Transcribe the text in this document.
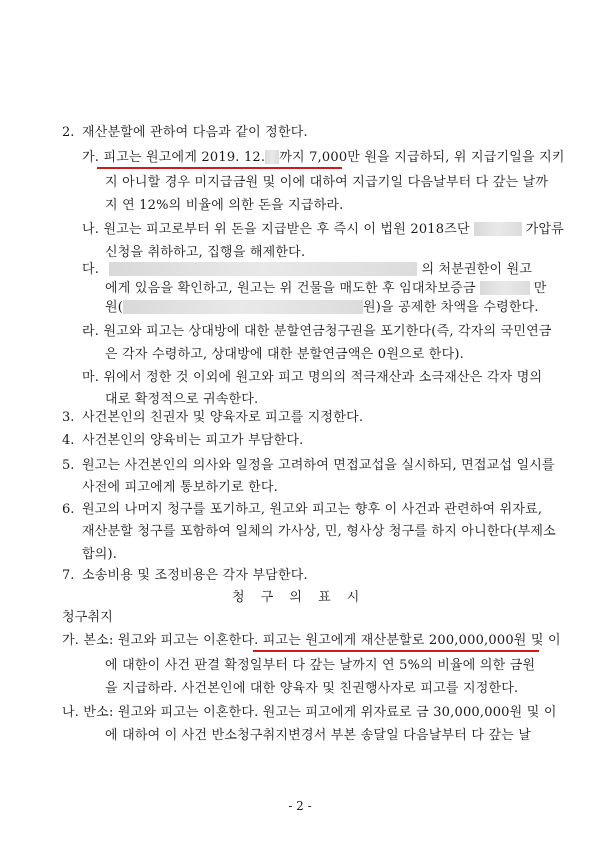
2. 재산분할에 관하여 다음과 같이 정한다.
가. 피고는 원고에게 2019. 12. 까지 7,000만 원을 지급하되, 위 지급기일을 지키
지 아니할 경우 미지급금원 및 이에 대하여 지급기일 다음날부터 다 갚는 날까
지 연 12%의 비율에 의한 돈을 지급하라.
나. 원고는 피고로부터 위 돈을 지급받은 후 즉시 이 법원 2018즈단	가압류
신청을 취하하고, 집행을 해제한다.
다.	의 처분권한이 원고
에게 있음을 확인하고, 원고는 위 건물을 매도한 후 임대차보증금	만
원(	원)을 공제한 차액을 수령한다.
라. 원고와 피고는 상대방에 대한 분할연금청구권을 포기한다(즉, 각자의 국민연금
은 각자 수령하고, 상대방에 대한 분할연금액은 0원으로 한다).
마. 위에서 정한 것 이외에 원고와 피고 명의의 적극재산과 소극재산은 각자 명의
대로 확정적으로 귀속한다.
3. 사건본인의 친권자 및 양육자로 피고를 지정한다.
4. 사건본인의 양육비는 피고가 부담한다.
5. 원고는 사건본인의 의사와 일정을 고려하여 면접교섭을 실시하되, 면접교섭 일시를
사전에 피고에게 통보하기로 한다.
6. 원고의 나머지 청구를 포기하고, 원고와 피고는 향후 이 사건과 관련하여 위자료,
재산분할 청구를 포함하여 일체의 가사상, 민, 형사상 청구를 하지 아니한다(부제소
합의).
7. 소송비용 및 조정비용은 각자 부담한다.
청 구 의 표 시
청구취지
가. 본소: 원고와 피고는 이혼한다. 피고는 원고에게 재산분할로 200,000,000원 및 이
에 대한이 사건 판결 확정일부터 다 갚는 날까지 연 5%의 비율에 의한 금원
을 지급하라. 사건본인에 대한 양육자 및 친권행사자로 피고를 지정한다.
나. 반소: 원고와 피고는 이혼한다. 원고는 피고에게 위자료로 금 30,000,000원 및 이
에 대하여 이 사건 반소청구취지변경서 부본 송달일 다음날부터 다 갚는 날
- 2 -
